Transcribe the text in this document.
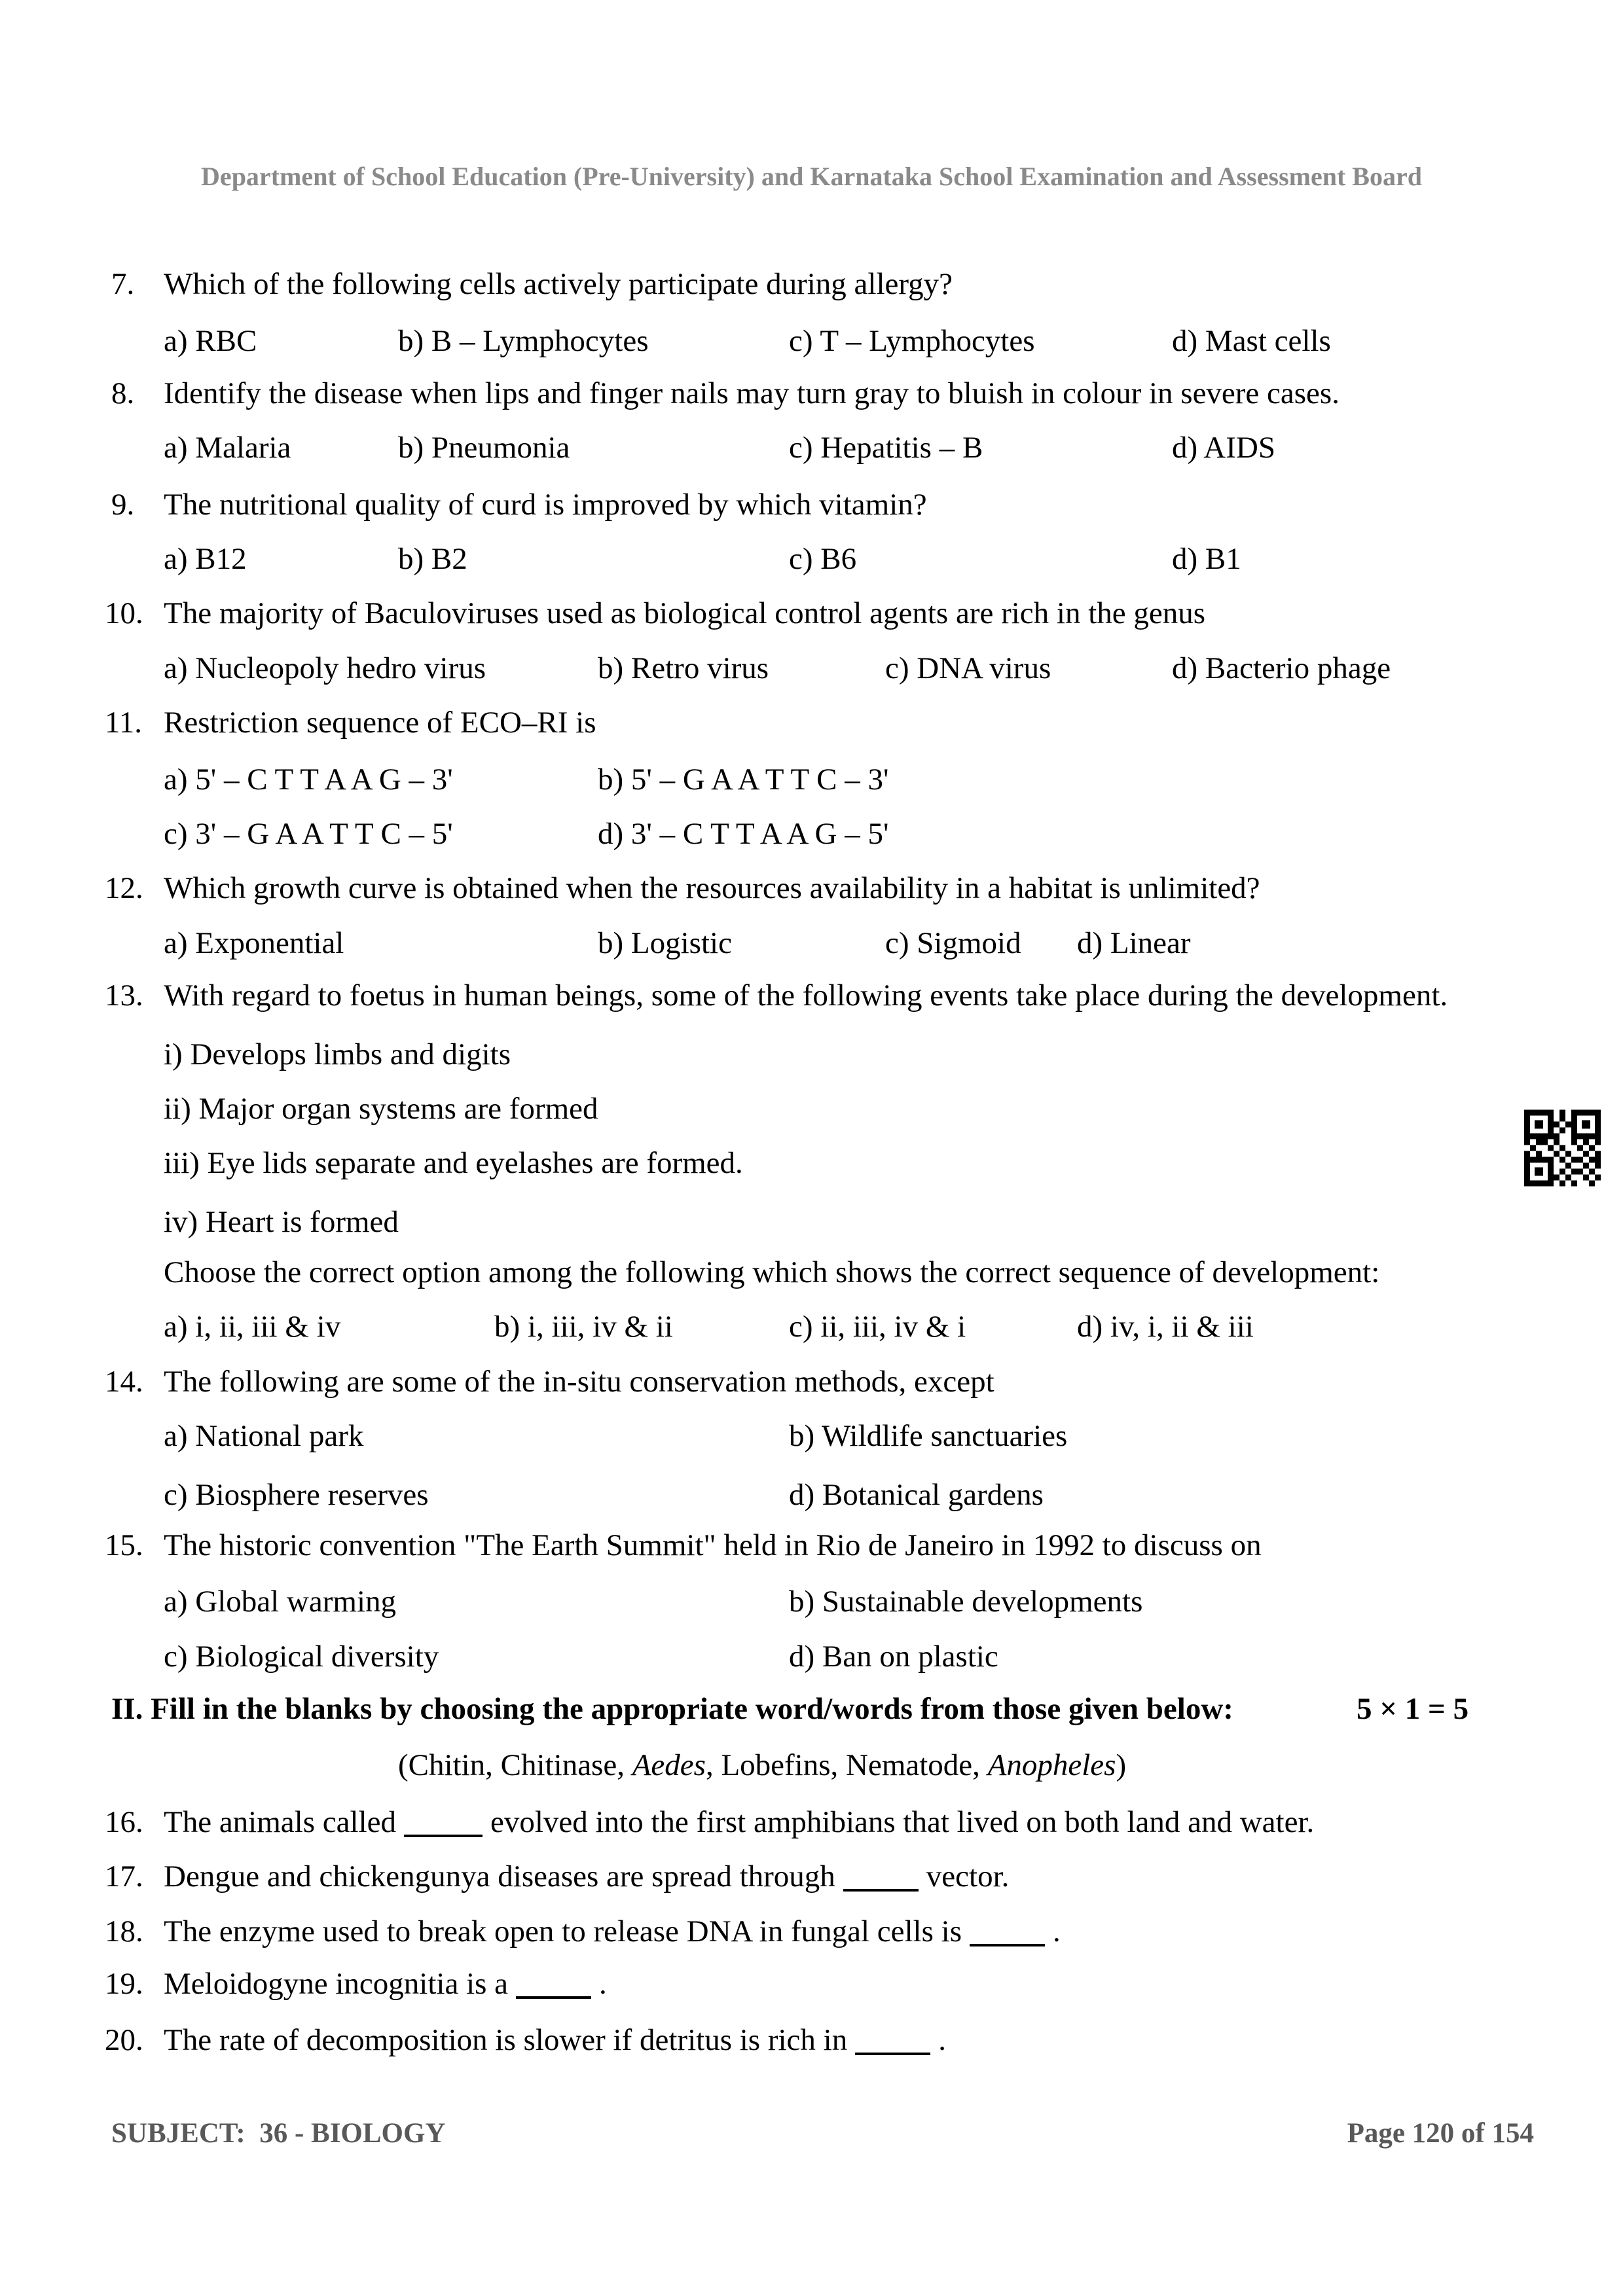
Department of School Education (Pre-University) and Karnataka School Examination and Assessment Board
7. Which of the following cells actively participate during allergy?
a) RBC	b) B – Lymphocytes	c) T – Lymphocytes	d) Mast cells
8. Identify the disease when lips and finger nails may turn gray to bluish in colour in severe cases.
a) Malaria	b) Pneumonia	c) Hepatitis – B	d) AIDS
9. The nutritional quality of curd is improved by which vitamin?
a) B12	b) B2	c) B6	d) B1
10. The majority of Baculoviruses used as biological control agents are rich in the genus
a) Nucleopoly hedro virus	b) Retro virus	c) DNA virus	d) Bacterio phage
11. Restriction sequence of ECO–RI is
a) 5' – C T T A A G – 3'	b) 5' – G A A T T C – 3'
c) 3' – G A A T T C – 5'	d) 3' – C T T A A G – 5'
12. Which growth curve is obtained when the resources availability in a habitat is unlimited?
a) Exponential	b) Logistic	c) Sigmoid d) Linear
13. With regard to foetus in human beings, some of the following events take place during the development.
i) Develops limbs and digits
ii) Major organ systems are formed
iii) Eye lids separate and eyelashes are formed.
iv) Heart is formed
Choose the correct option among the following which shows the correct sequence of development:
a) i, ii, iii & iv	b) i, iii, iv & ii	c) ii, iii, iv & i	d) iv, i, ii & iii
14. The following are some of the in-situ conservation methods, except
a) National park	b) Wildlife sanctuaries
c) Biosphere reserves	d) Botanical gardens
15. The historic convention "The Earth Summit" held in Rio de Janeiro in 1992 to discuss on
a) Global warming	b) Sustainable developments
c) Biological diversity	d) Ban on plastic
II. Fill in the blanks by choosing the appropriate word/words from those given below:	5 × 1 = 5
(Chitin, Chitinase, Aedes, Lobefins, Nematode, Anopheles)
16. The animals called	evolved into the first amphibians that lived on both land and water.
17. Dengue and chickengunya diseases are spread through	vector.
18. The enzyme used to break open to release DNA in fungal cells is	.
19. Meloidogyne incognitia is a	.
20. The rate of decomposition is slower if detritus is rich in	.
SUBJECT:  36 - BIOLOGY	Page 120 of 154
